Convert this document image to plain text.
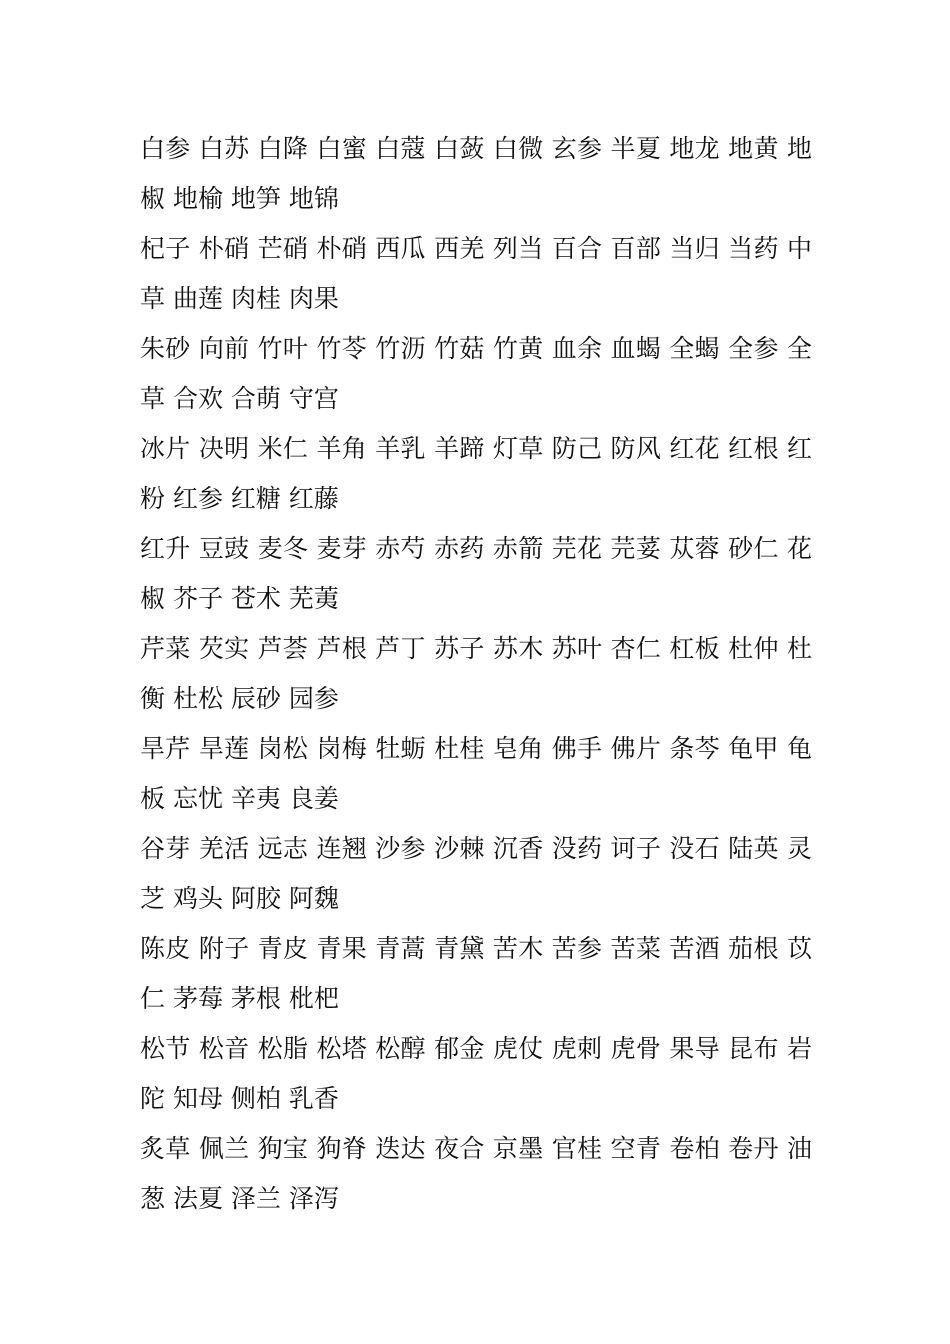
白参 白苏 白降 白蜜 白蔻 白蔹 白微 玄参 半夏 地龙 地黄 地椒 地榆 地笋 地锦

杞子 朴硝 芒硝 朴硝 西瓜 西羌 列当 百合 百部 当归 当药 中草 曲莲 肉桂 肉果

朱砂 向前 竹叶 竹苓 竹沥 竹菇 竹黄 血余 血蝎 全蝎 全参 全草 合欢 合萌 守宫

冰片 决明 米仁 羊角 羊乳 羊蹄 灯草 防己 防风 红花 红根 红粉 红参 红糖 红藤

红升 豆豉 麦冬 麦芽 赤芍 赤药 赤箭 芫花 芫荽 苁蓉 砂仁 花椒 芥子 苍术 芜荑

芹菜 芡实 芦荟 芦根 芦丁 苏子 苏木 苏叶 杏仁 杠板 杜仲 杜衡 杜松 辰砂 园参

旱芹 旱莲 岗松 岗梅 牡蛎 杜桂 皂角 佛手 佛片 条芩 龟甲 龟板 忘忧 辛夷 良姜

谷芽 羌活 远志 连翘 沙参 沙棘 沉香 没药 诃子 没石 陆英 灵芝 鸡头 阿胶 阿魏

陈皮 附子 青皮 青果 青蒿 青黛 苦木 苦参 苦菜 苦酒 茄根 苡仁 茅莓 茅根 枇杷

松节 松音 松脂 松塔 松醇 郁金 虎仗 虎刺 虎骨 果导 昆布 岩陀 知母 侧柏 乳香

炙草 佩兰 狗宝 狗脊 迭达 夜合 京墨 官桂 空青 卷柏 卷丹 油葱 法夏 泽兰 泽泻
